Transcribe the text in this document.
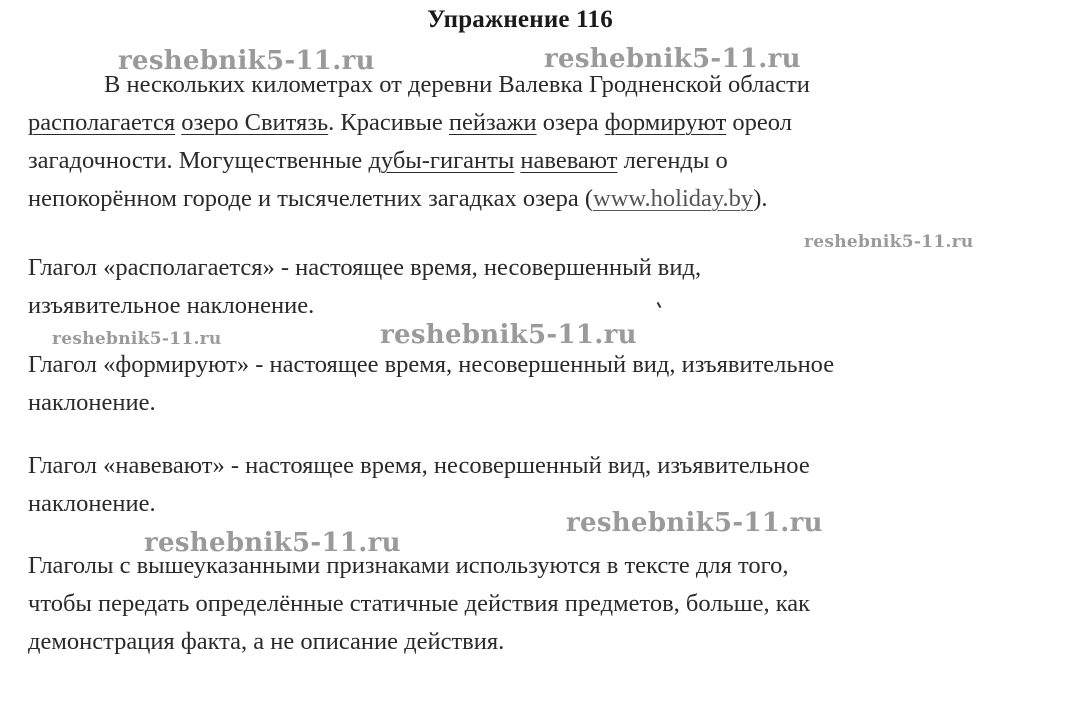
Упражнение 116

В нескольких километрах от деревни Валевка Гродненской области
располагается озеро Свитязь. Красивые пейзажи озера формируют ореол
загадочности. Могущественные дубы-гиганты навевают легенды о
непокорённом городе и тысячелетних загадках озера (www.holiday.by).

Глагол «располагается» - настоящее время, несовершенный вид,
изъявительное наклонение.

Глагол «формируют» - настоящее время, несовершенный вид, изъявительное
наклонение.

Глагол «навевают» - настоящее время, несовершенный вид, изъявительное
наклонение.

Глаголы с вышеуказанными признаками используются в тексте для того,
чтобы передать определённые статичные действия предметов, больше, как
демонстрация факта, а не описание действия.

reshebnik5-11.ru	reshebnik5-11.ru
reshebnik5-11.ru
reshebnik5-11.ru	reshebnik5-11.ru
reshebnik5-11.ru
reshebnik5-11.ru
